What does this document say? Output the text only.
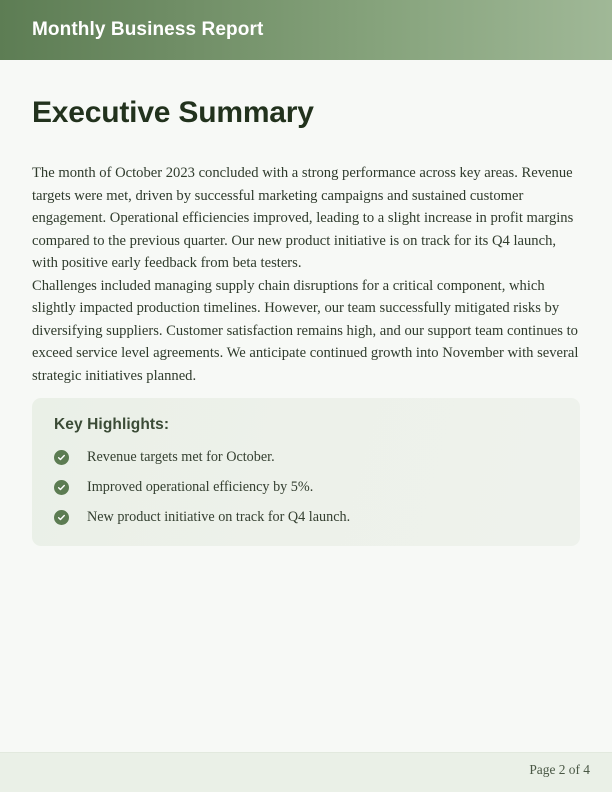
Monthly Business Report
Executive Summary

The month of October 2023 concluded with a strong performance across key areas. Revenue targets were met, driven by successful marketing campaigns and sustained customer engagement. Operational efficiencies improved, leading to a slight increase in profit margins compared to the previous quarter. Our new product initiative is on track for its Q4 launch, with positive early feedback from beta testers.

Challenges included managing supply chain disruptions for a critical component, which slightly impacted production timelines. However, our team successfully mitigated risks by diversifying suppliers. Customer satisfaction remains high, and our support team continues to exceed service level agreements. We anticipate continued growth into November with several strategic initiatives planned.

Key Highlights:
Revenue targets met for October.
Improved operational efficiency by 5%.
New product initiative on track for Q4 launch.
Page 2 of 4
